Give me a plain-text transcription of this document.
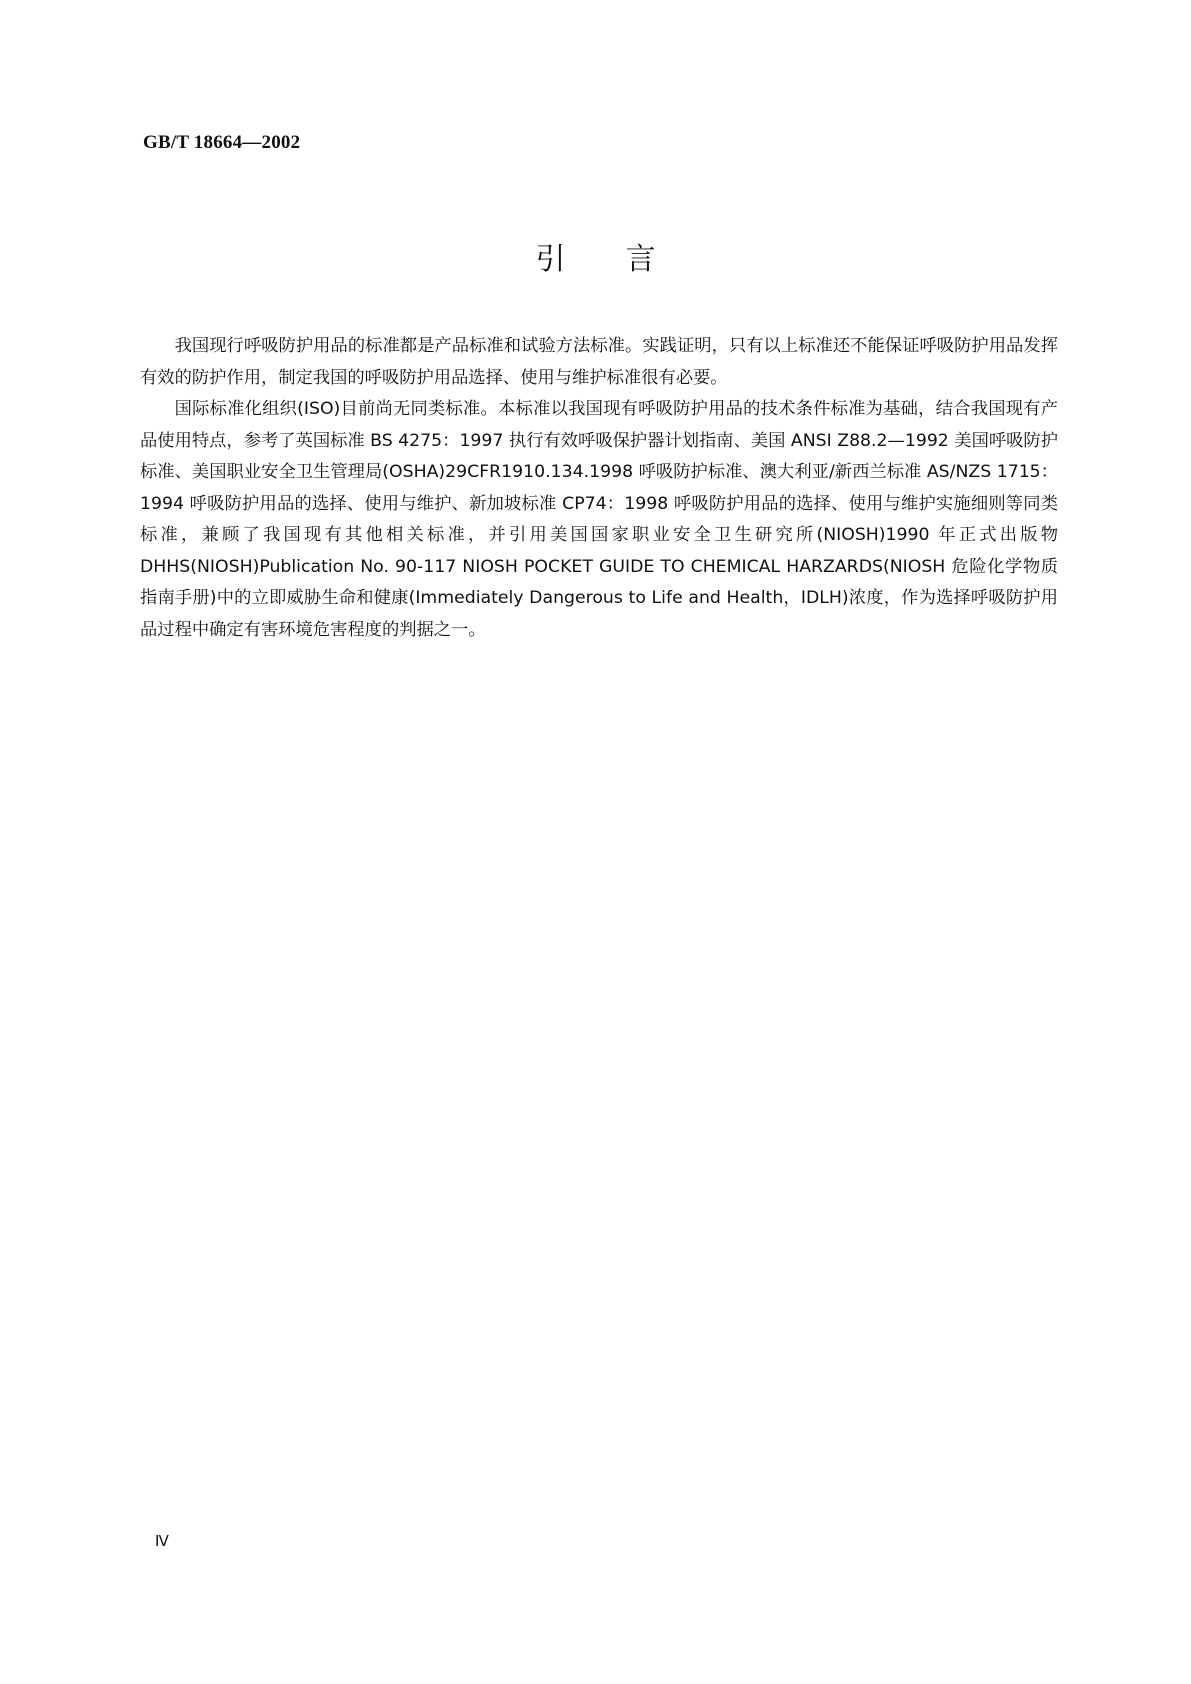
GB/T 18664—2002
引言

我国现行呼吸防护用品的标准都是产品标准和试验方法标准。实践证明，只有以上标准还不能保证呼吸防护用品发挥有效的防护作用，制定我国的呼吸防护用品选择、使用与维护标准很有必要。

国际标准化组织(ISO)目前尚无同类标准。本标准以我国现有呼吸防护用品的技术条件标准为基础，结合我国现有产品使用特点，参考了英国标准 BS 4275：1997 执行有效呼吸保护器计划指南、美国 ANSI Z88.2—1992 美国呼吸防护标准、美国职业安全卫生管理局(OSHA)29CFR1910.134.1998 呼吸防护标准、澳大利亚/新西兰标准 AS/NZS 1715：1994 呼吸防护用品的选择、使用与维护、新加坡标准 CP74：1998 呼吸防护用品的选择、使用与维护实施细则等同类标准，兼顾了我国现有其他相关标准，并引用美国国家职业安全卫生研究所(NIOSH)1990 年正式出版物 DHHS(NIOSH)Publication No. 90-117 NIOSH POCKET GUIDE TO CHEMICAL HARZARDS(NIOSH 危险化学物质指南手册)中的立即威胁生命和健康(Immediately Dangerous to Life and Health，IDLH)浓度，作为选择呼吸防护用品过程中确定有害环境危害程度的判据之一。

Ⅳ
